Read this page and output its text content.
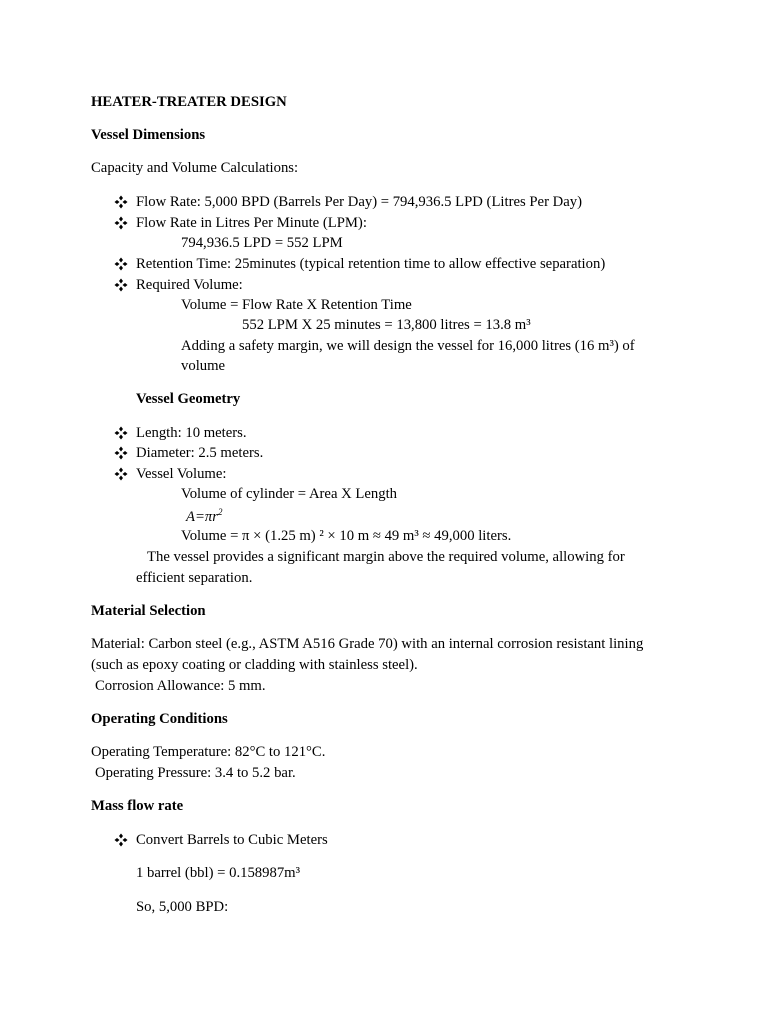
HEATER-TREATER DESIGN
Vessel Dimensions
Capacity and Volume Calculations:
Flow Rate: 5,000 BPD (Barrels Per Day) = 794,936.5 LPD (Litres Per Day)
Flow Rate in Litres Per Minute (LPM):
794,936.5 LPD = 552 LPM
Retention Time: 25minutes (typical retention time to allow effective separation)
Required Volume:
Volume = Flow Rate X Retention Time
552 LPM X 25 minutes = 13,800 litres = 13.8 m³
Adding a safety margin, we will design the vessel for 16,000 litres (16 m³) of
volume
Vessel Geometry
Length: 10 meters.
Diameter: 2.5 meters.
Vessel Volume:
Volume of cylinder = Area X Length
$A=\pi r^2$
Volume = π × (1.25 m) ² × 10 m ≈ 49 m³ ≈ 49,000 liters.
The vessel provides a significant margin above the required volume, allowing for
efficient separation.
Material Selection
Material: Carbon steel (e.g., ASTM A516 Grade 70) with an internal corrosion resistant lining
(such as epoxy coating or cladding with stainless steel).
Corrosion Allowance: 5 mm.
Operating Conditions
Operating Temperature: 82°C to 121°C.
Operating Pressure: 3.4 to 5.2 bar.
Mass flow rate
Convert Barrels to Cubic Meters
1 barrel (bbl) = 0.158987m³
So, 5,000 BPD:
